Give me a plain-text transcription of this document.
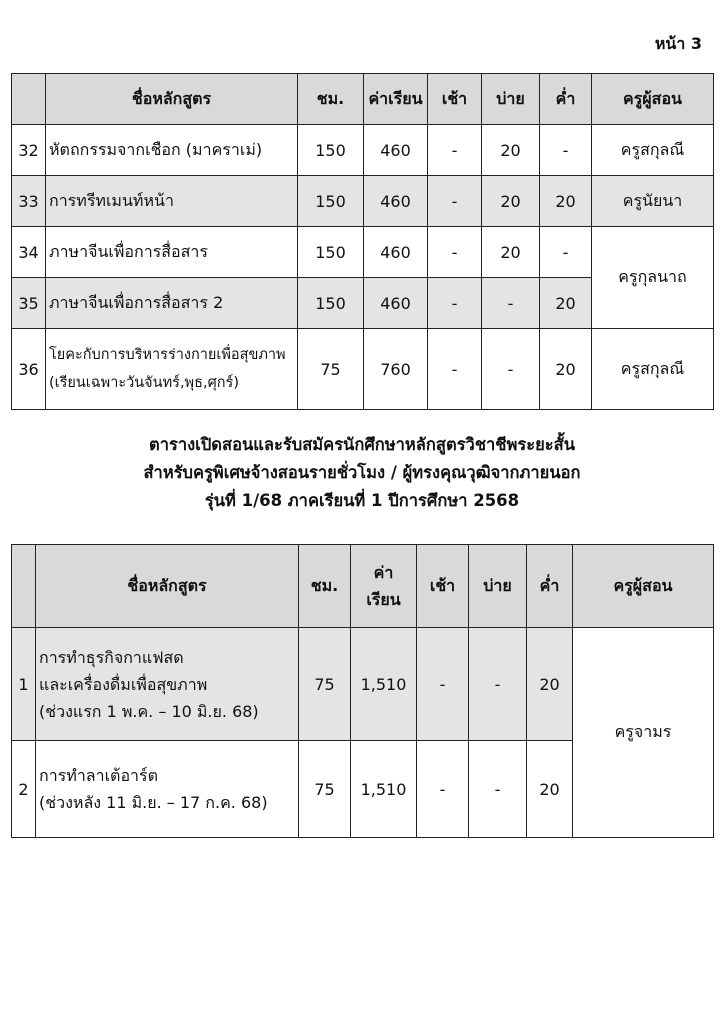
หน้า 3
	ชื่อหลักสูตร	ชม.	ค่าเรียน	เช้า	บ่าย	ค่ำ	ครูผู้สอน
32	หัตถกรรมจากเชือก (มาคราเม่)	150	460	-	20	-	ครูสกุลณี
33	การทรีทเมนท์หน้า	150	460	-	20	20	ครูนัยนา
34	ภาษาจีนเพื่อการสื่อสาร	150	460	-	20	-	ครูกุลนาถ
35	ภาษาจีนเพื่อการสื่อสาร 2	150	460	-	-	20	
36	โยคะกับการบริหารร่างกายเพื่อสุขภาพ
(เรียนเฉพาะวันจันทร์,พุธ,ศุกร์)	75	760	-	-	20	ครูสกุลณี
ตารางเปิดสอนและรับสมัครนักศึกษาหลักสูตรวิชาชีพระยะสั้น
สำหรับครูพิเศษจ้างสอนรายชั่วโมง / ผู้ทรงคุณวุฒิจากภายนอก
รุ่นที่ 1/68 ภาคเรียนที่ 1 ปีการศึกษา 2568
	ชื่อหลักสูตร	ชม.	ค่า
เรียน	เช้า	บ่าย	ค่ำ	ครูผู้สอน
1	การทำธุรกิจกาแฟสด
และเครื่องดื่มเพื่อสุขภาพ
(ช่วงแรก 1 พ.ค. – 10 มิ.ย. 68)	75	1,510	-	-	20	ครูจามร
2	การทำลาเต้อาร์ต
(ช่วงหลัง 11 มิ.ย. – 17 ก.ค. 68)	75	1,510	-	-	20	
